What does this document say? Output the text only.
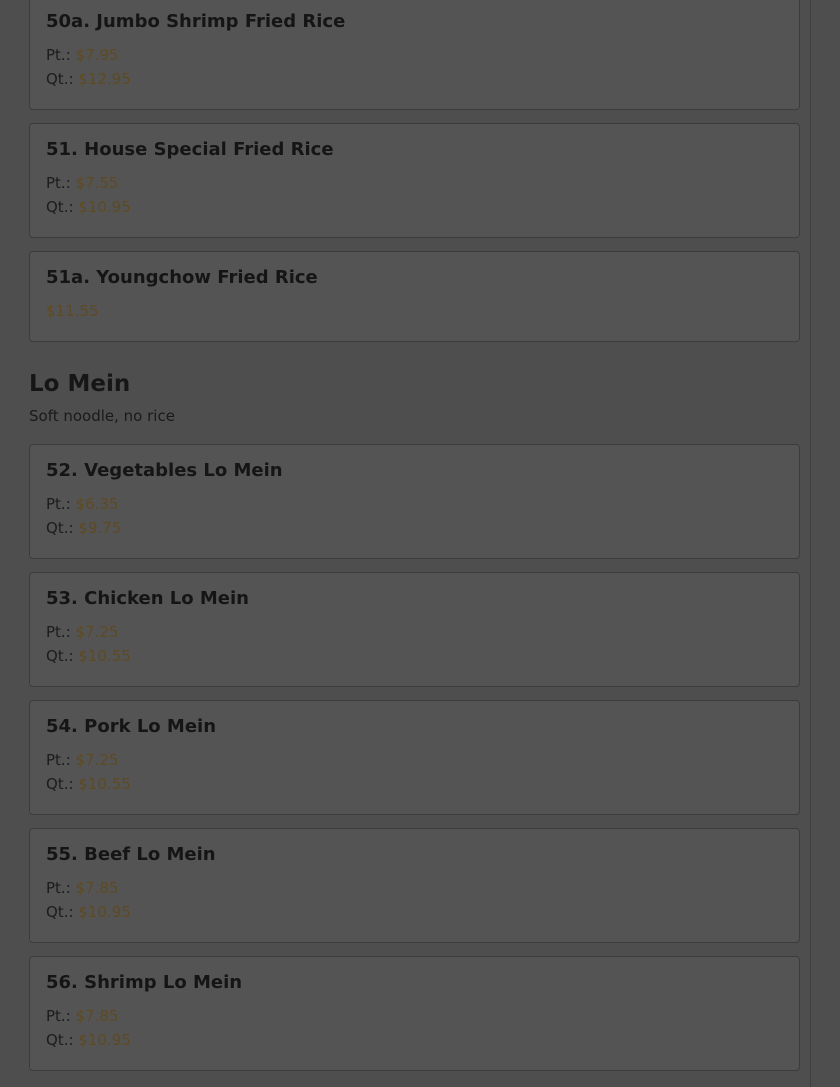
50a. Jumbo Shrimp Fried Rice
Pt.: $7.95
Qt.: $12.95
51. House Special Fried Rice
Pt.: $7.55
Qt.: $10.95
51a. Youngchow Fried Rice
$11.55
Lo Mein
Soft noodle, no rice
52. Vegetables Lo Mein
Pt.: $6.35
Qt.: $9.75
53. Chicken Lo Mein
Pt.: $7.25
Qt.: $10.55
54. Pork Lo Mein
Pt.: $7.25
Qt.: $10.55
55. Beef Lo Mein
Pt.: $7.85
Qt.: $10.95
56. Shrimp Lo Mein
Pt.: $7.85
Qt.: $10.95
